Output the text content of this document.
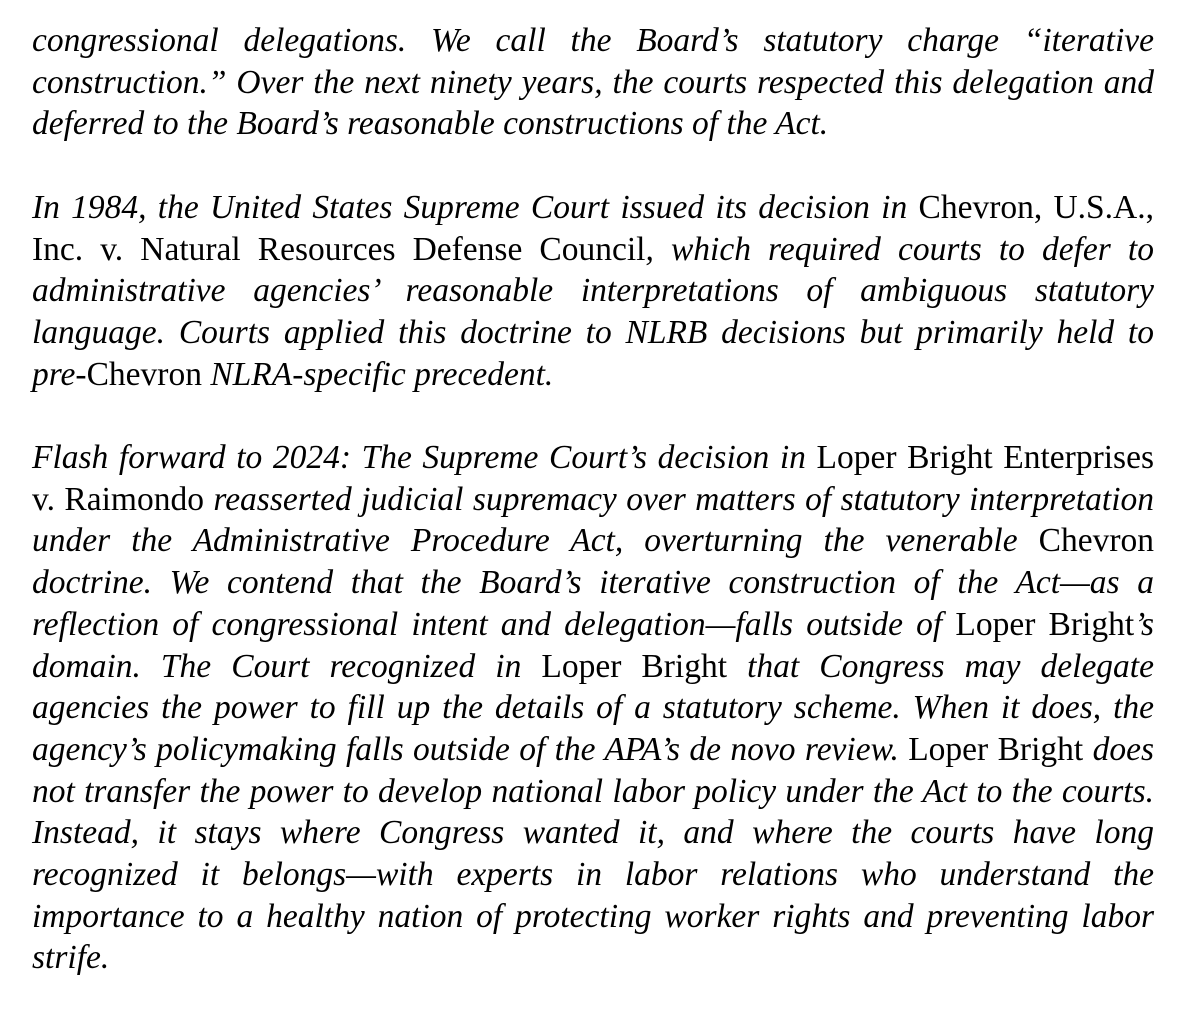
congressional delegations. We call the Board’s statutory charge “iterative construction.” Over the next ninety years, the courts respected this delegation and deferred to the Board’s reasonable constructions of the Act.

In 1984, the United States Supreme Court issued its decision in Chevron, U.S.A., Inc. v. Natural Resources Defense Council, which required courts to defer to administrative agencies’ reasonable interpretations of ambiguous statutory language. Courts applied this doctrine to NLRB decisions but primarily held to pre-Chevron NLRA-specific precedent.

Flash forward to 2024: The Supreme Court’s decision in Loper Bright Enterprises v. Raimondo reasserted judicial supremacy over matters of statutory interpretation under the Administrative Procedure Act, overturning the venerable Chevron doctrine. We contend that the Board’s iterative construction of the Act—as a reflection of congressional intent and delegation—falls outside of Loper Bright’s domain. The Court recognized in Loper Bright that Congress may delegate agencies the power to fill up the details of a statutory scheme. When it does, the agency’s policymaking falls outside of the APA’s de novo review. Loper Bright does not transfer the power to develop national labor policy under the Act to the courts. Instead, it stays where Congress wanted it, and where the courts have long recognized it belongs—with experts in labor relations who understand the importance to a healthy nation of protecting worker rights and preventing labor strife.
